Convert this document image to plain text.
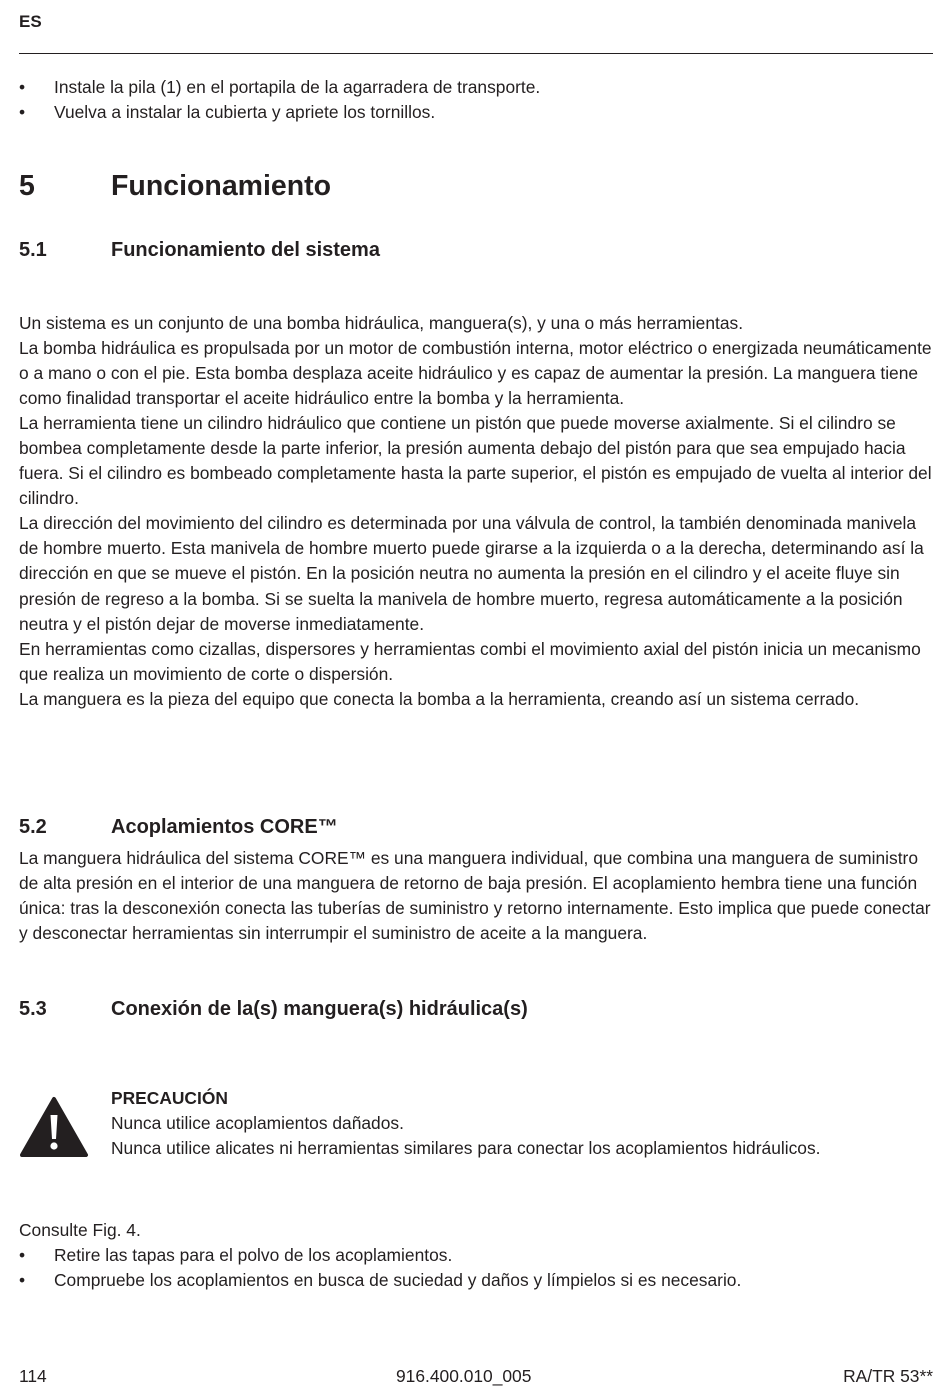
ES
• Instale la pila (1) en el portapila de la agarradera de transporte.
• Vuelva a instalar la cubierta y apriete los tornillos.
5	Funcionamiento
5.1	Funcionamiento del sistema

Un sistema es un conjunto de una bomba hidráulica, manguera(s), y una o más herramientas.

La bomba hidráulica es propulsada por un motor de combustión interna, motor eléctrico o energizada neumáticamente o a mano o con el pie. Esta bomba desplaza aceite hidráulico y es capaz de aumentar la presión. La manguera tiene como finalidad transportar el aceite hidráulico entre la bomba y la herramienta.

La herramienta tiene un cilindro hidráulico que contiene un pistón que puede moverse axialmente. Si el cilindro se bombea completamente desde la parte inferior, la presión aumenta debajo del pistón para que sea empujado hacia fuera. Si el cilindro es bombeado completamente hasta la parte superior, el pistón es empujado de vuelta al interior del cilindro.

La dirección del movimiento del cilindro es determinada por una válvula de control, la también denominada manivela de hombre muerto. Esta manivela de hombre muerto puede girarse a la izquierda o a la derecha, determinando así la dirección en que se mueve el pistón. En la posición neutra no aumenta la presión en el cilindro y el aceite fluye sin presión de regreso a la bomba. Si se suelta la manivela de hombre muerto, regresa automáticamente a la posición neutra y el pistón dejar de moverse inmediatamente.

En herramientas como cizallas, dispersores y herramientas combi el movimiento axial del pistón inicia un mecanismo que realiza un movimiento de corte o dispersión.

La manguera es la pieza del equipo que conecta la bomba a la herramienta, creando así un sistema cerrado.

5.2	Acoplamientos CORE™

La manguera hidráulica del sistema CORE™ es una manguera individual, que combina una manguera de suministro de alta presión en el interior de una manguera de retorno de baja presión. El acoplamiento hembra tiene una función única: tras la desconexión conecta las tuberías de suministro y retorno internamente. Esto implica que puede conectar y desconectar herramientas sin interrumpir el suministro de aceite a la manguera.

5.3	Conexión de la(s) manguera(s) hidráulica(s)
PRECAUCIÓN
Nunca utilice acoplamientos dañados.
Nunca utilice alicates ni herramientas similares para conectar los acoplamientos hidráulicos.

Consulte Fig. 4.

• Retire las tapas para el polvo de los acoplamientos.
• Compruebe los acoplamientos en busca de suciedad y daños y límpielos si es necesario.
114	916.400.010_005	RA/TR 53**
